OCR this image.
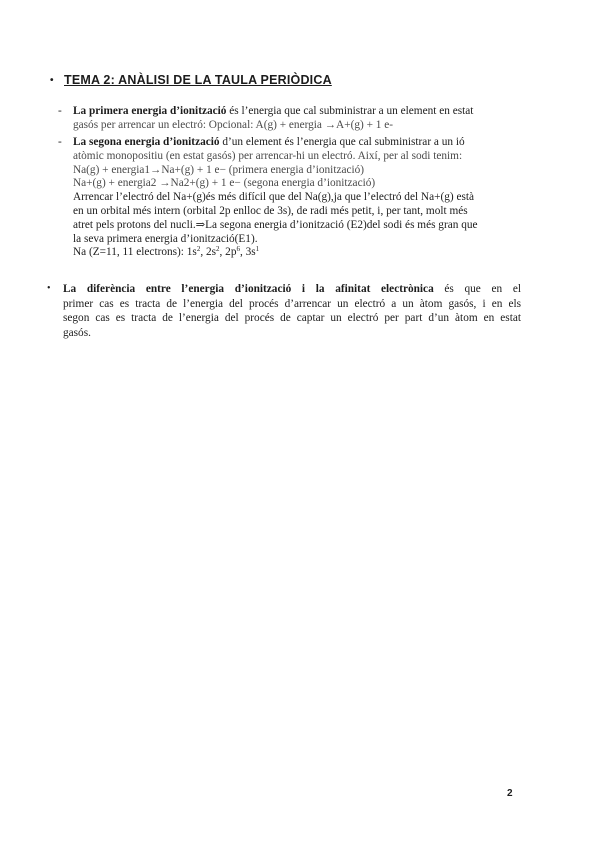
• TEMA 2: ANÀLISI DE LA TAULA PERIÒDICA
- La primera energia d’ionització és l’energia que cal subministrar a un element en estat
gasós per arrencar un electró: Opcional: A(g) + energia →A+(g) + 1 e-
- La segona energia d’ionització d’un element és l’energia que cal subministrar a un ió
atòmic monopositiu (en estat gasós) per arrencar-hi un electró. Així, per al sodi tenim:
Na(g) + energia1→Na+(g) + 1 e− (primera energia d’ionització)
Na+(g) + energia2 →Na2+(g) + 1 e− (segona energia d’ionització)
Arrencar l’electró del Na+(g)és més difícil que del Na(g),ja que l’electró del Na+(g) està
en un orbital més intern (orbital 2p enlloc de 3s), de radi més petit, i, per tant, molt més
atret pels protons del nucli.⇒La segona energia d’ionització (E2)del sodi és més gran que
la seva primera energia d’ionització(E1).
Na (Z=11, 11 electrons): $1s^2$, $2s^2$, $2p^6$, $3s^1$
• La diferència entre l’energia d’ionització i la afinitat electrònica és que en el
primer cas es tracta de l’energia del procés d’arrencar un electró a un àtom gasós, i en els
segon cas es tracta de l’energia del procés de captar un electró per part d’un àtom en estat
gasós.
2
